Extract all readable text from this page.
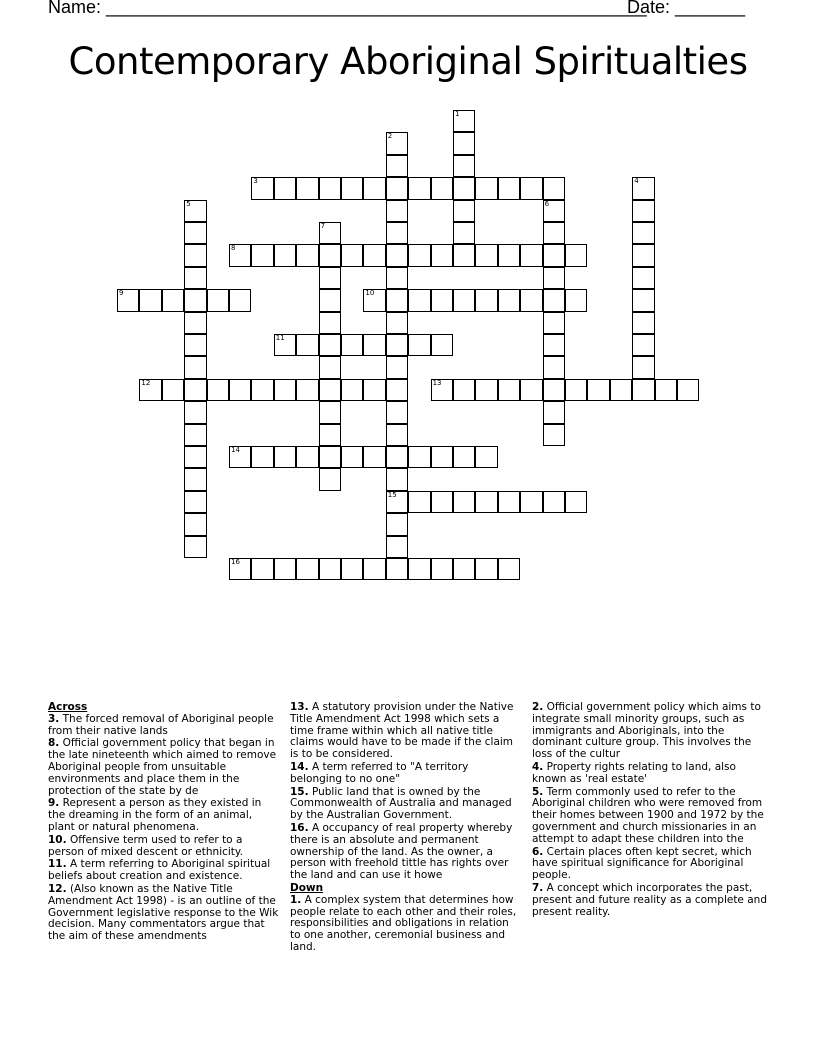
Name: ______________________________________________________
Date: _______
Contemporary Aboriginal Spiritualties
1
2
15
3	4
5	6
7
8
9	10
11
12	13
14
16
Across
3. The forced removal of Aboriginal people from their native lands
8. Official government policy that began in the late nineteenth which aimed to remove Aboriginal people from unsuitable environments and place them in the protection of the state by de
9. Represent a person as they existed in the dreaming in the form of an animal, plant or natural phenomena.
10. Offensive term used to refer to a person of mixed descent or ethnicity.
11. A term referring to Aboriginal spiritual beliefs about creation and existence.
12. (Also known as the Native Title Amendment Act 1998) - is an outline of the Government legislative response to the Wik decision. Many commentators argue that the aim of these amendments
13. A statutory provision under the Native Title Amendment Act 1998 which sets a time frame within which all native title claims would have to be made if the claim is to be considered.
14. A term referred to "A territory belonging to no one"
15. Public land that is owned by the Commonwealth of Australia and managed by the Australian Government.
16. A occupancy of real property whereby there is an absolute and permanent ownership of the land. As the owner, a person with freehold tittle has rights over the land and can use it howe
Down
1. A complex system that determines how people relate to each other and their roles, responsibilities and obligations in relation to one another, ceremonial business and land.
2. Official government policy which aims to integrate small minority groups, such as immigrants and Aboriginals, into the dominant culture group. This involves the loss of the cultur
4. Property rights relating to land, also known as 'real estate'
5. Term commonly used to refer to the Aboriginal children who were removed from their homes between 1900 and 1972 by the government and church missionaries in an attempt to adapt these children into the
6. Certain places often kept secret, which have spiritual significance for Aboriginal people.
7. A concept which incorporates the past, present and future reality as a complete and present reality.
